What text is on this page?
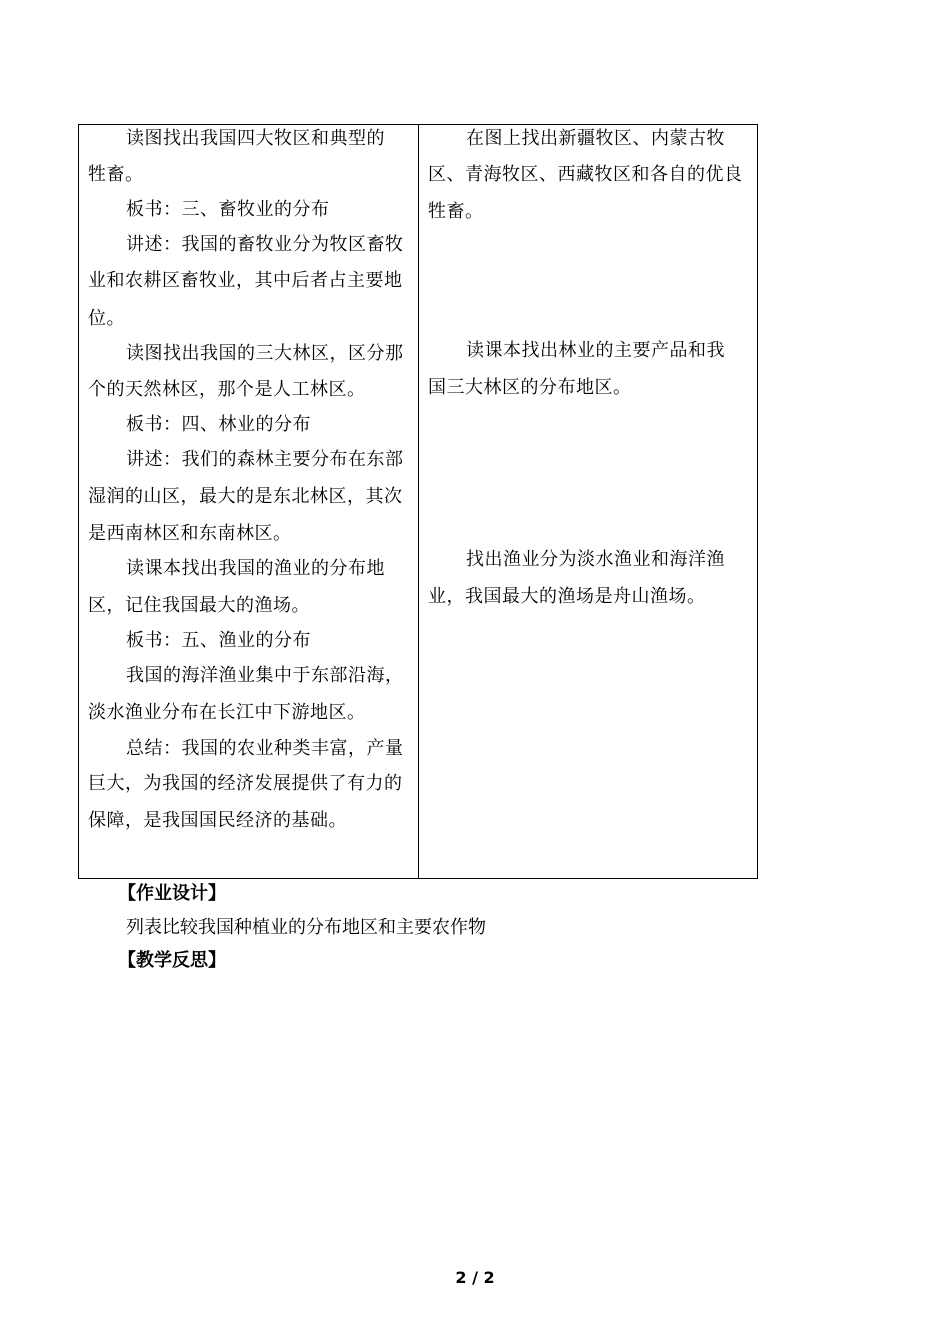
读图找出我国四大牧区和典型的
牲畜。
板书：三、畜牧业的分布
讲述：我国的畜牧业分为牧区畜牧
业和农耕区畜牧业，其中后者占主要地
位。
读图找出我国的三大林区，区分那
个的天然林区，那个是人工林区。
板书：四、林业的分布
讲述：我们的森林主要分布在东部
湿润的山区，最大的是东北林区，其次
是西南林区和东南林区。
读课本找出我国的渔业的分布地
区，记住我国最大的渔场。
板书：五、渔业的分布
我国的海洋渔业集中于东部沿海，
淡水渔业分布在长江中下游地区。
总结：我国的农业种类丰富，产量
巨大，为我国的经济发展提供了有力的
保障，是我国国民经济的基础。
在图上找出新疆牧区、内蒙古牧
区、青海牧区、西藏牧区和各自的优良
牲畜。
读课本找出林业的主要产品和我
国三大林区的分布地区。
找出渔业分为淡水渔业和海洋渔
业，我国最大的渔场是舟山渔场。
【作业设计】
列表比较我国种植业的分布地区和主要农作物
【教学反思】
2 / 2
